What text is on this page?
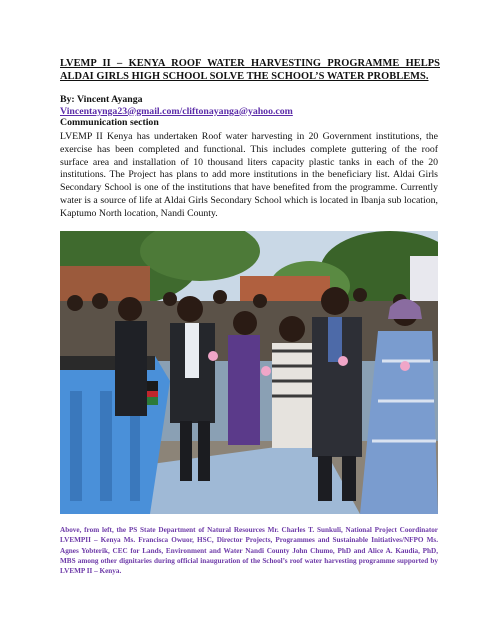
LVEMP II – KENYA ROOF WATER HARVESTING PROGRAMME HELPS ALDAI GIRLS HIGH SCHOOL SOLVE THE SCHOOL’S WATER PROBLEMS.
By: Vincent Ayanga
Vincentaynga23@gmail.com/cliftonayanga@yahoo.com
Communication section
LVEMP II Kenya has undertaken Roof water harvesting in 20 Government institutions, the exercise has been completed and functional. This includes complete guttering of the roof surface area and installation of 10 thousand liters capacity plastic tanks in each of the 20 institutions. The Project has plans to add more institutions in the beneficiary list. Aldai Girls Secondary School is one of the institutions that have benefited from the programme. Currently water is a source of life at Aldai Girls Secondary School which is located in Ibanja sub location, Kaptumo North location, Nandi County.
Above, from left, the PS State Department of Natural Resources Mr. Charles T. Sunkuli, National Project Coordinator LVEMPII – Kenya Ms. Francisca Owuor, HSC, Director Projects, Programmes and Sustainable Initiatives/NFPO Ms. Agnes Yobterik, CEC for Lands, Environment and Water Nandi County John Chumo, PhD and Alice A. Kaudia, PhD, MBS among other dignitaries during official inauguration of the School’s roof water harvesting programme supported by LVEMP II – Kenya.
